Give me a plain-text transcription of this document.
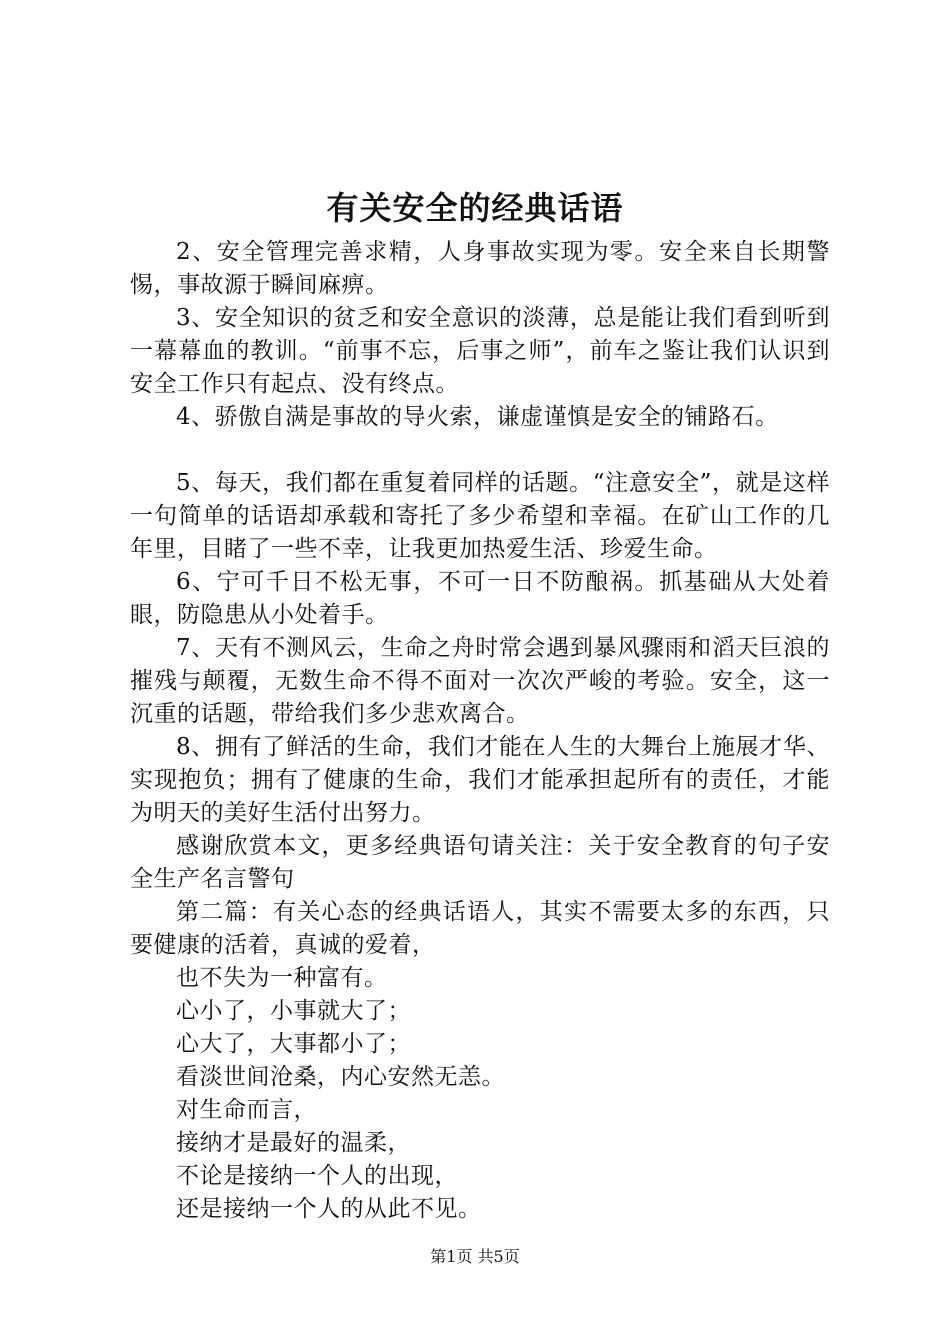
有关安全的经典话语

2、安全管理完善求精，人身事故实现为零。安全来自长期警惕，事故源于瞬间麻痹。

3、安全知识的贫乏和安全意识的淡薄，总是能让我们看到听到一幕幕血的教训。“前事不忘，后事之师”，前车之鉴让我们认识到安全工作只有起点、没有终点。

4、骄傲自满是事故的导火索，谦虚谨慎是安全的铺路石。

5、每天，我们都在重复着同样的话题。“注意安全”，就是这样一句简单的话语却承载和寄托了多少希望和幸福。在矿山工作的几年里，目睹了一些不幸，让我更加热爱生活、珍爱生命。

6、宁可千日不松无事，不可一日不防酿祸。抓基础从大处着眼，防隐患从小处着手。

7、天有不测风云，生命之舟时常会遇到暴风骤雨和滔天巨浪的摧残与颠覆，无数生命不得不面对一次次严峻的考验。安全，这一沉重的话题，带给我们多少悲欢离合。

8、拥有了鲜活的生命，我们才能在人生的大舞台上施展才华、实现抱负；拥有了健康的生命，我们才能承担起所有的责任，才能为明天的美好生活付出努力。

感谢欣赏本文，更多经典语句请关注：关于安全教育的句子安全生产名言警句

第二篇：有关心态的经典话语人，其实不需要太多的东西，只要健康的活着，真诚的爱着，

也不失为一种富有。

心小了，小事就大了；

心大了，大事都小了；

看淡世间沧桑，内心安然无恙。

对生命而言，

接纳才是最好的温柔，

不论是接纳一个人的出现，

还是接纳一个人的从此不见。

第1页 共5页
